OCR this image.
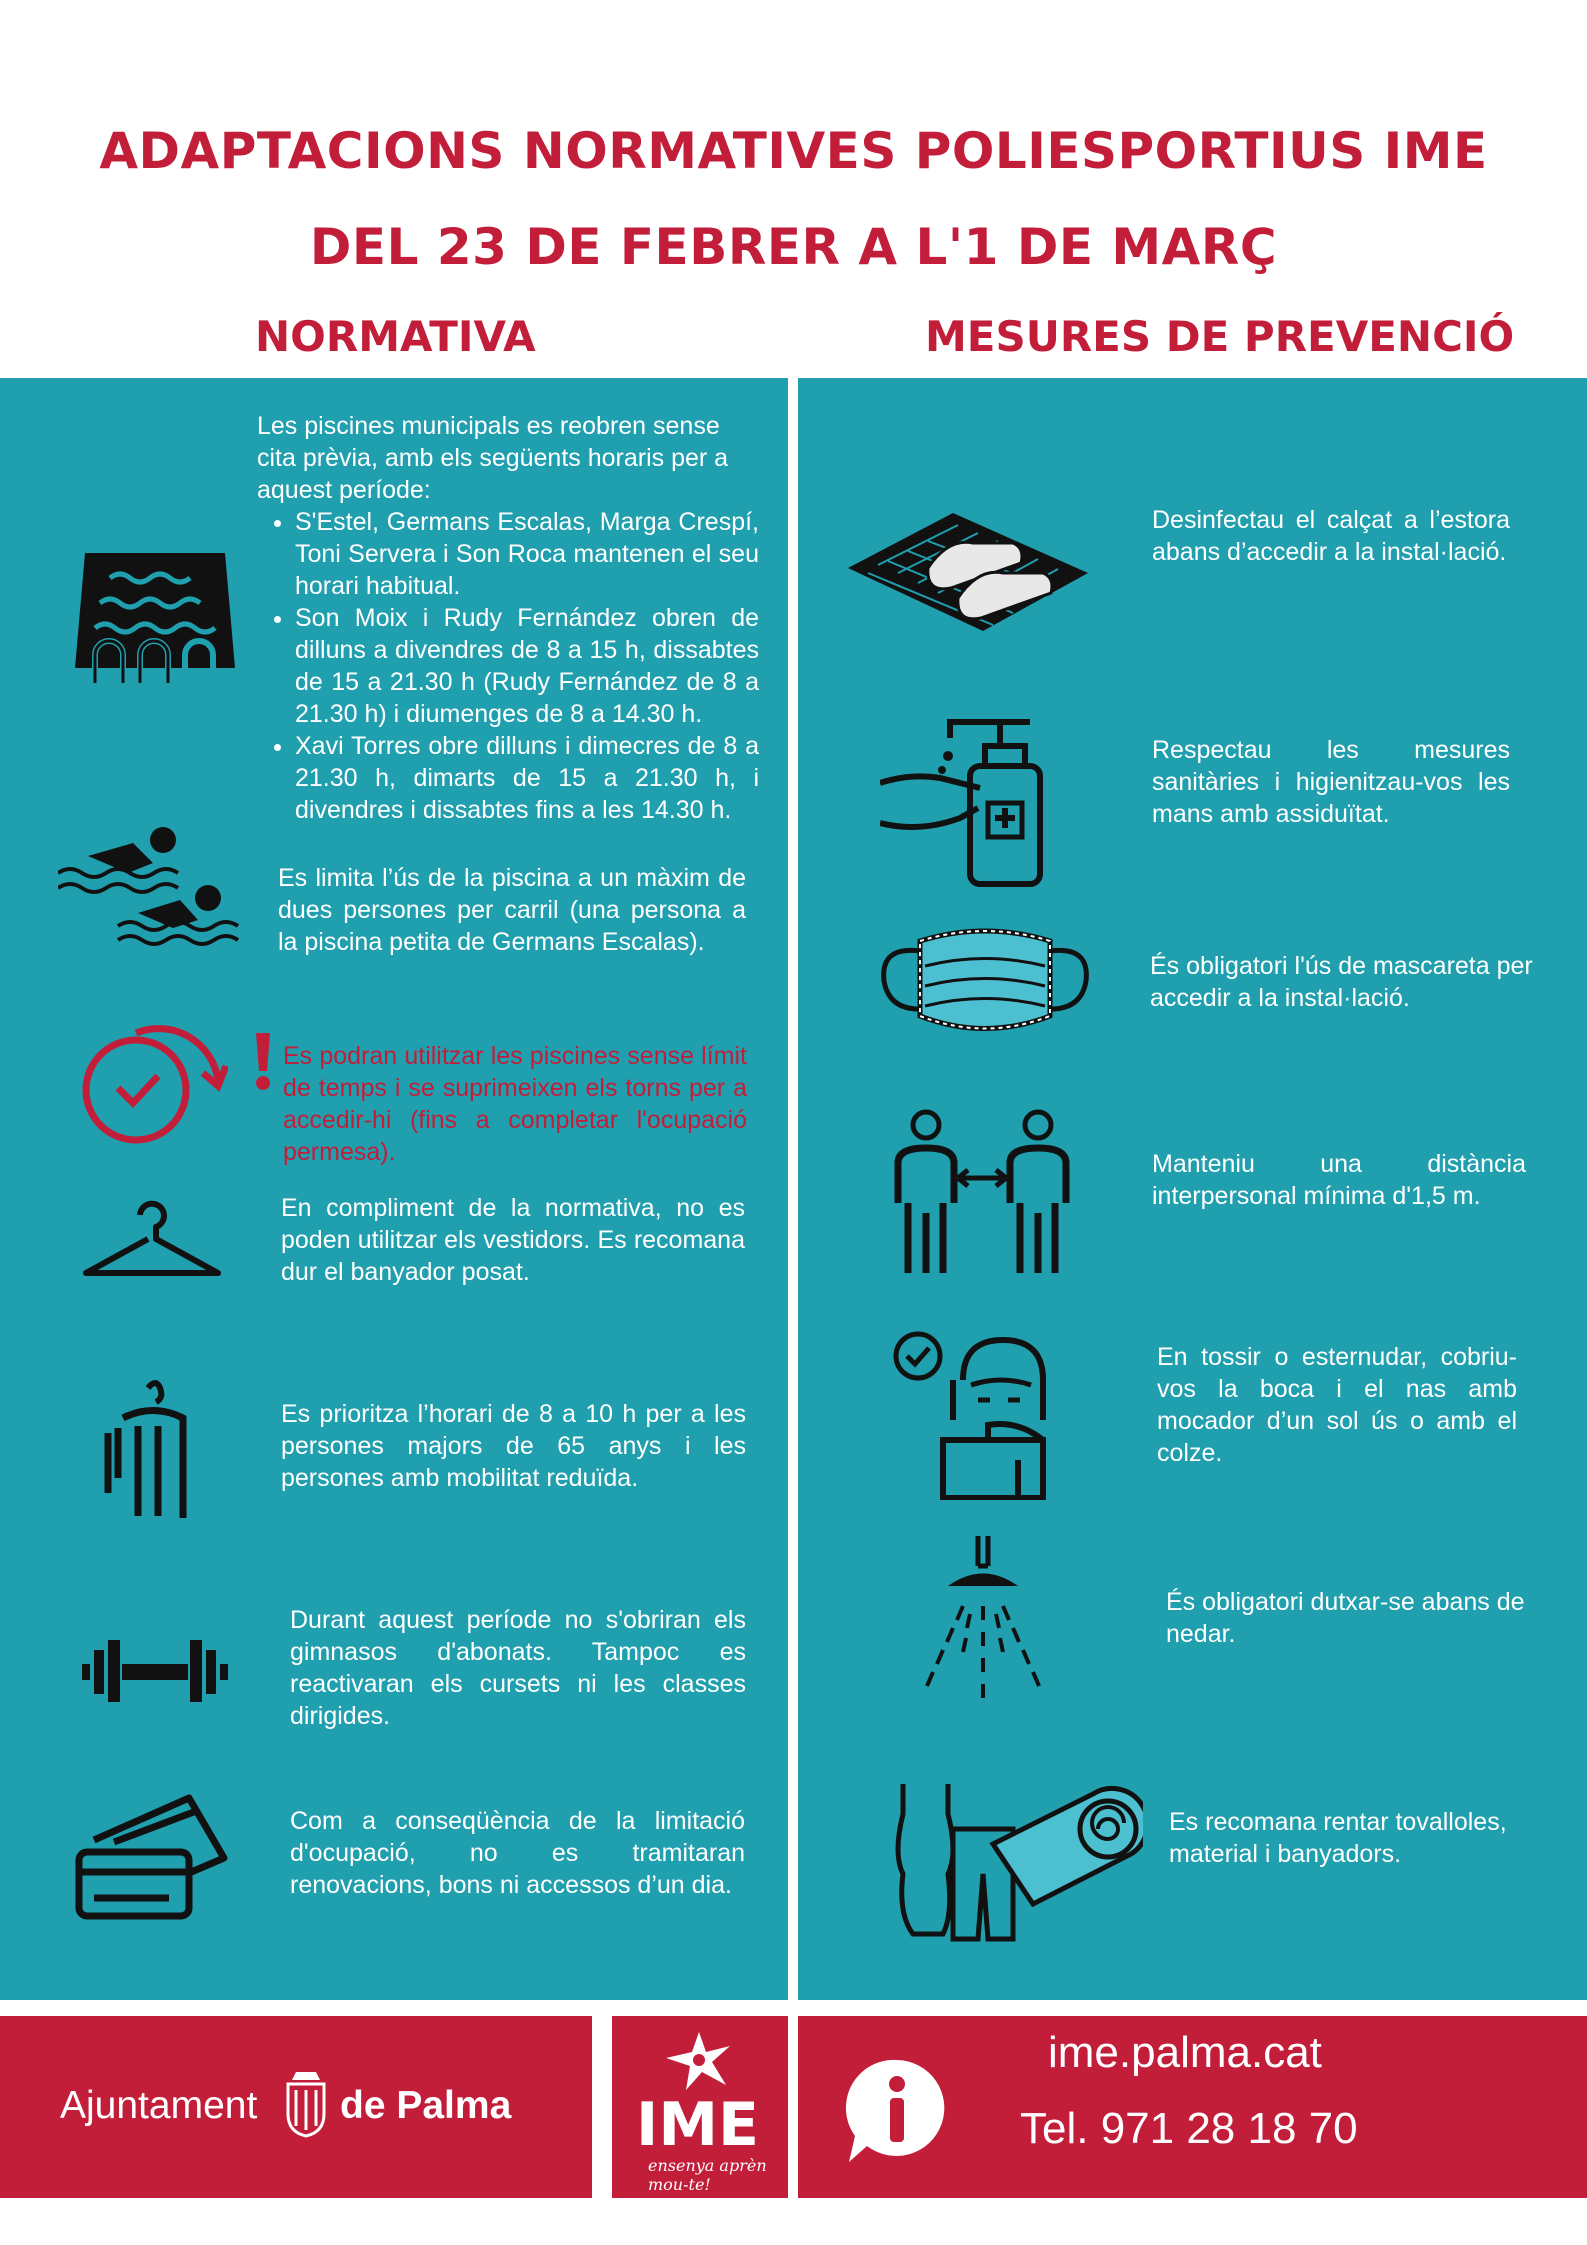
ADAPTACIONS NORMATIVES POLIESPORTIUS IME
DEL 23 DE FEBRER A L'1 DE MARÇ
NORMATIVA	MESURES DE PREVENCIÓ
Les piscines municipals es reobren sense cita prèvia, amb els següents horaris per a aquest període:
• S'Estel, Germans Escalas, Marga Crespí, Toni Servera i Son Roca mantenen el seu horari habitual.
• Son Moix i Rudy Fernández obren de dilluns a divendres de 8 a 15 h, dissabtes de 15 a 21.30 h (Rudy Fernández de 8 a 21.30 h) i diumenges de 8 a 14.30 h.
• Xavi Torres obre dilluns i dimecres de 8 a 21.30 h, dimarts de 15 a 21.30 h, i divendres i dissabtes fins a les 14.30 h.
Es limita l’ús de la piscina a un màxim de dues persones per carril (una persona a la piscina petita de Germans Escalas).
Es podran utilitzar les piscines sense límit de temps i se suprimeixen els torns per a accedir-hi (fins a completar l'ocupació permesa).
En compliment de la normativa, no es poden utilitzar els vestidors. Es recomana dur el banyador posat.
Es prioritza l’horari de 8 a 10 h per a les persones majors de 65 anys i les persones amb mobilitat reduïda.
Durant aquest període no s'obriran els gimnasos d'abonats. Tampoc es reactivaran els cursets ni les classes dirigides.
Com a conseqüència de la limitació d'ocupació, no es tramitaran renovacions, bons ni accessos d’un dia.
Desinfectau el calçat a l’estora abans d’accedir a la instal·lació.
Respectau les mesures sanitàries i higienitzau-vos les mans amb assiduïtat.
És obligatori l'ús de mascareta per accedir a la instal·lació.
Manteniu una distància interpersonal mínima d'1,5 m.
En tossir o esternudar, cobriu-vos la boca i el nas amb mocador d’un sol ús o amb el colze.
És obligatori dutxar-se abans de nedar.
Es recomana rentar tovalloles, material i banyadors.
Ajuntament de Palma IME
ensenya aprèn mou-te!
ime.palma.cat
Tel. 971 28 18 70
